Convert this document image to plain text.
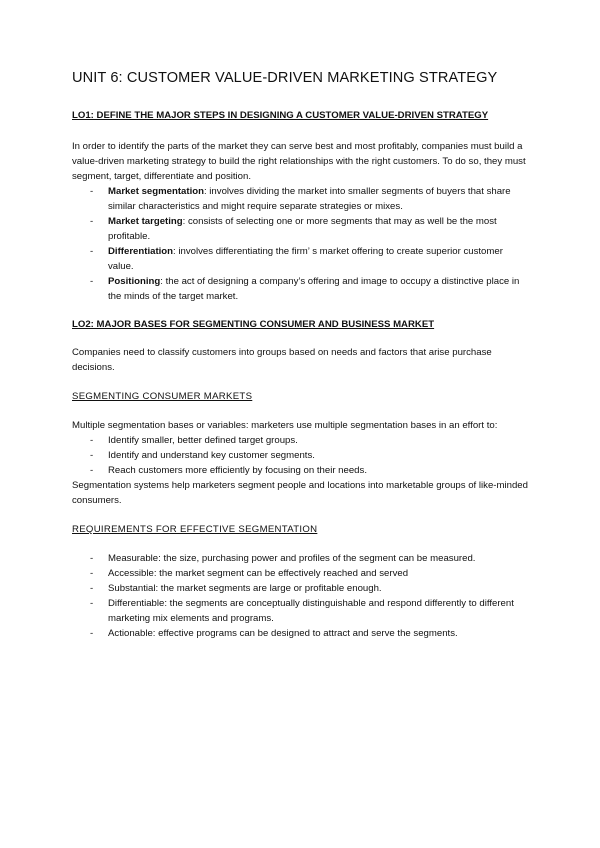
UNIT 6: CUSTOMER VALUE-DRIVEN MARKETING STRATEGY
LO1: DEFINE THE MAJOR STEPS IN DESIGNING A CUSTOMER VALUE-DRIVEN STRATEGY

In order to identify the parts of the market they can serve best and most profitably, companies must build a value-driven marketing strategy to build the right relationships with the right customers. To do so, they must segment, target, differentiate and position.

- Market segmentation: involves dividing the market into smaller segments of buyers that share similar characteristics and might require separate strategies or mixes.
- Market targeting: consists of selecting one or more segments that may as well be the most profitable.
- Differentiation: involves differentiating the firm’ s market offering to create superior customer value.
- Positioning: the act of designing a company’s offering and image to occupy a distinctive place in the minds of the target market.
LO2: MAJOR BASES FOR SEGMENTING CONSUMER AND BUSINESS MARKET

Companies need to classify customers into groups based on needs and factors that arise purchase decisions.

SEGMENTING CONSUMER MARKETS

Multiple segmentation bases or variables: marketers use multiple segmentation bases in an effort to:

- Identify smaller, better defined target groups.
- Identify and understand key customer segments.
- Reach customers more efficiently by focusing on their needs.

Segmentation systems help marketers segment people and locations into marketable groups of like-minded consumers.

REQUIREMENTS FOR EFFECTIVE SEGMENTATION

- Measurable: the size, purchasing power and profiles of the segment can be measured.
- Accessible: the market segment can be effectively reached and served
- Substantial: the market segments are large or profitable enough.
- Differentiable: the segments are conceptually distinguishable and respond differently to different marketing mix elements and programs.
- Actionable: effective programs can be designed to attract and serve the segments.
